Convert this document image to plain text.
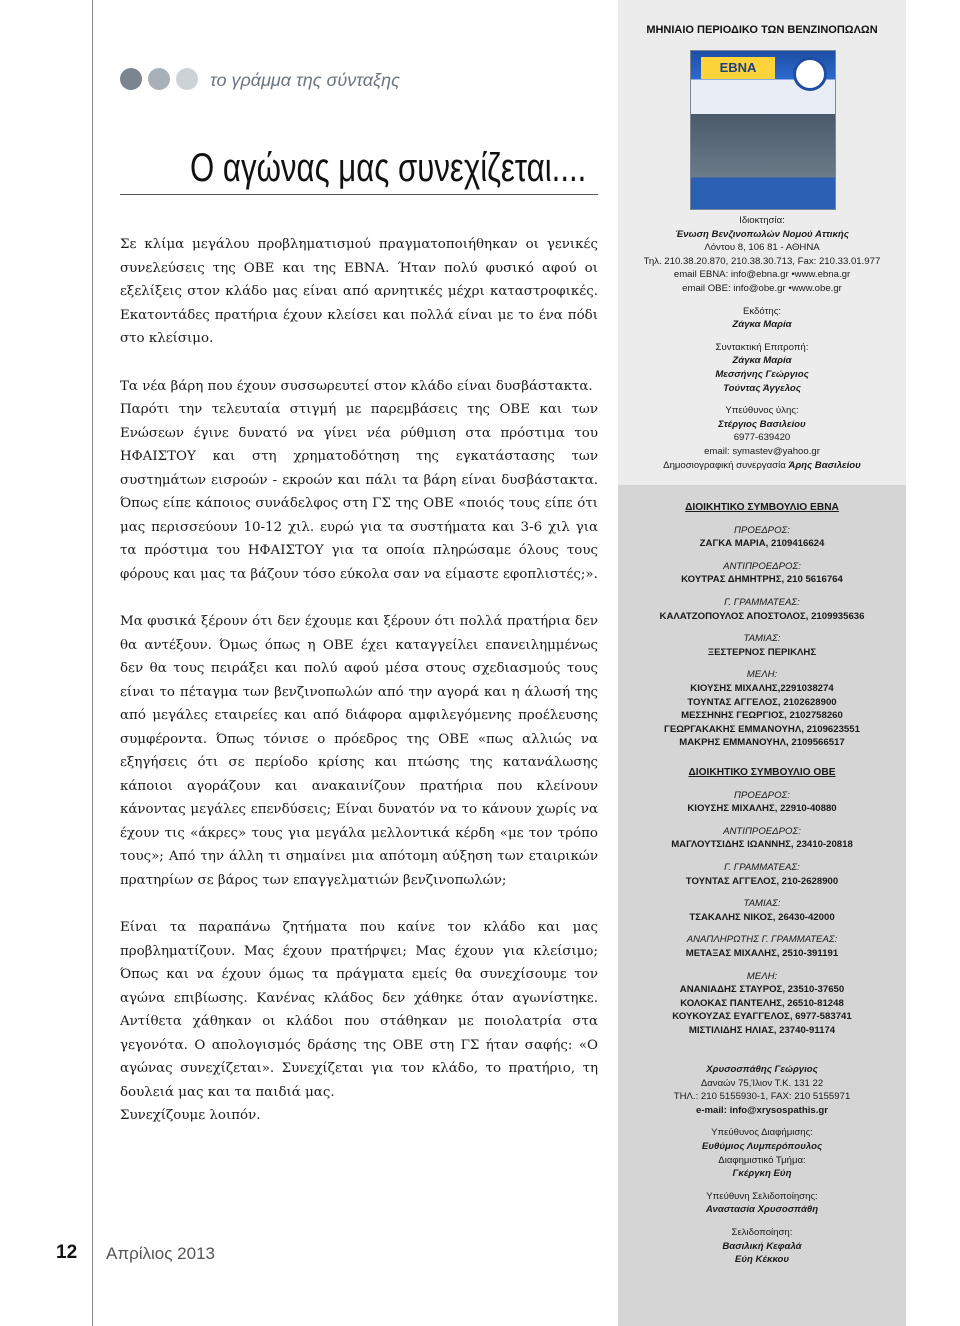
το γράμμα της σύνταξης
Ο αγώνας μας συνεχίζεται....

Σε κλίμα μεγάλου προβληματισμού πραγματοποιήθηκαν οι γενικές συνελεύσεις της ΟΒΕ και της ΕΒΝΑ. Ήταν πολύ φυσικό αφού οι εξελίξεις στον κλάδο μας είναι από αρνητικές μέχρι καταστροφικές. Εκατοντάδες πρατήρια έχουν κλείσει και πολλά είναι με το ένα πόδι στο κλείσιμο.

Τα νέα βάρη που έχουν συσσωρευτεί στον κλάδο είναι δυσβάστακτα.

Παρότι την τελευταία στιγμή με παρεμβάσεις της ΟΒΕ και των Ενώσεων έγινε δυνατό να γίνει νέα ρύθμιση στα πρόστιμα του ΗΦΑΙΣΤΟΥ και στη χρηματοδότηση της εγκατάστασης των συστημάτων εισροών - εκροών και πάλι τα βάρη είναι δυσβάστακτα. Όπως είπε κάποιος συνάδελφος στη ΓΣ της ΟΒΕ «ποιός τους είπε ότι μας περισσεύουν 10-12 χιλ. ευρώ για τα συστήματα και 3-6 χιλ για τα πρόστιμα του ΗΦΑΙΣΤΟΥ για τα οποία πληρώσαμε όλους τους φόρους και μας τα βάζουν τόσο εύκολα σαν να είμαστε εφοπλιστές;».

Μα φυσικά ξέρουν ότι δεν έχουμε και ξέρουν ότι πολλά πρατήρια δεν θα αντέξουν. Όμως όπως η ΟΒΕ έχει καταγγείλει επανειλημμένως δεν θα τους πειράξει και πολύ αφού μέσα στους σχεδιασμούς τους είναι το πέταγμα των βενζινοπωλών από την αγορά και η άλωσή της από μεγάλες εταιρείες και από διάφορα αμφιλεγόμενης προέλευσης συμφέροντα. Όπως τόνισε ο πρόεδρος της ΟΒΕ «πως αλλιώς να εξηγήσεις ότι σε περίοδο κρίσης και πτώσης της κατανάλωσης κάποιοι αγοράζουν και ανακαινίζουν πρατήρια που κλείνουν κάνοντας μεγάλες επενδύσεις; Είναι δυνατόν να το κάνουν χωρίς να έχουν τις «άκρες» τους για μεγάλα μελλοντικά κέρδη «με τον τρόπο τους»; Από την άλλη τι σημαίνει μια απότομη αύξηση των εταιρικών πρατηρίων σε βάρος των επαγγελματιών βενζινοπωλών;

Είναι τα παραπάνω ζητήματα που καίνε τον κλάδο και μας προβληματίζουν. Μας έχουν πρατήρψει; Μας έχουν για κλείσιμο; Όπως και να έχουν όμως τα πράγματα εμείς θα συνεχίσουμε τον αγώνα επιβίωσης. Κανένας κλάδος δεν χάθηκε όταν αγωνίστηκε. Αντίθετα χάθηκαν οι κλάδοι που στάθηκαν με ποιολατρία στα γεγονότα. Ο απολογισμός δράσης της ΟΒΕ στη ΓΣ ήταν σαφής: «Ο αγώνας συνεχίζεται». Συνεχίζεται για τον κλάδο, το πρατήριο, τη δουλειά μας και τα παιδιά μας.

Συνεχίζουμε λοιπόν.

12 Απρίλιος 2013
ΜΗΝΙΑΙΟ ΠΕΡΙΟΔΙΚΟ ΤΩΝ ΒΕΝΖΙΝΟΠΩΛΩΝ
EBNA
Ιδιοκτησία:
Ένωση Βενζινοπωλών Νομού Αττικής
Λόντου 8, 106 81 - ΑΘΗΝΑ
Τηλ. 210.38.20.870, 210.38.30.713, Fax: 210.33.01.977
email EBNA: info@ebna.gr •www.ebna.gr
email OBE: info@obe.gr •www.obe.gr
Εκδότης:
Ζάγκα Μαρία
Συντακτική Επιτροπή:
Ζάγκα Μαρία
Μεσσήνης Γεώργιος
Τούντας Άγγελος
Υπεύθυνος ύλης:
Στέργιος Βασιλείου
6977-639420
email: symastev@yahoo.gr
Δημοσιογραφική συνεργασία Άρης Βασιλείου
ΔΙΟΙΚΗΤΙΚΟ ΣΥΜΒΟΥΛΙΟ ΕΒΝΑ
ΠΡΟΕΔΡΟΣ:
ΖΑΓΚΑ ΜΑΡΙΑ, 2109416624
ΑΝΤΙΠΡΟΕΔΡΟΣ:
ΚΟΥΤΡΑΣ ΔΗΜΗΤΡΗΣ, 210 5616764
Γ. ΓΡΑΜΜΑΤΕΑΣ:
ΚΑΛΑΤΖΟΠΟΥΛΟΣ ΑΠΟΣΤΟΛΟΣ, 2109935636
ΤΑΜΙΑΣ:
ΞΕΣΤΕΡΝΟΣ ΠΕΡΙΚΛΗΣ
ΜΕΛΗ:
ΚΙΟΥΣΗΣ ΜΙΧΑΛΗΣ,2291038274
ΤΟΥΝΤΑΣ ΑΓΓΕΛΟΣ, 2102628900
ΜΕΣΣΗΝΗΣ ΓΕΩΡΓΙΟΣ, 2102758260
ΓΕΩΡΓΑΚΑΚΗΣ ΕΜΜΑΝΟΥΗΛ, 2109623551
ΜΑΚΡΗΣ ΕΜΜΑΝΟΥΗΛ, 2109566517
ΔΙΟΙΚΗΤΙΚΟ ΣΥΜΒΟΥΛΙΟ ΟΒΕ
ΠΡΟΕΔΡΟΣ:
ΚΙΟΥΣΗΣ ΜΙΧΑΛΗΣ, 22910-40880
ΑΝΤΙΠΡΟΕΔΡΟΣ:
ΜΑΓΛΟΥΤΣΙΔΗΣ ΙΩΑΝΝΗΣ, 23410-20818
Γ. ΓΡΑΜΜΑΤΕΑΣ:
ΤΟΥΝΤΑΣ ΑΓΓΕΛΟΣ, 210-2628900
ΤΑΜΙΑΣ:
ΤΣΑΚΑΛΗΣ ΝΙΚΟΣ, 26430-42000
ΑΝΑΠΛΗΡΩΤΗΣ Γ. ΓΡΑΜΜΑΤΕΑΣ:
ΜΕΤΑΞΑΣ ΜΙΧΑΛΗΣ, 2510-391191
ΜΕΛΗ:
ΑΝΑΝΙΑΔΗΣ ΣΤΑΥΡΟΣ, 23510-37650
ΚΟΛΟΚΑΣ ΠΑΝΤΕΛΗΣ, 26510-81248
ΚΟΥΚΟΥΖΑΣ ΕΥΑΓΓΕΛΟΣ, 6977-583741
ΜΙΣΤΙΛΙΔΗΣ ΗΛΙΑΣ, 23740-91174
Χρυσοσπάθης Γεώργιος
Δαναών 75,Ίλιον Τ.Κ. 131 22
ΤΗΛ.: 210 5155930-1, FAX: 210 5155971
e-mail: info@xrysospathis.gr
Υπεύθυνος Διαφήμισης:
Ευθύμιος Λυμπερόπουλος
Διαφημιστικό Τμήμα:
Γκέργκη Εύη
Υπεύθυνη Σελιδοποίησης:
Αναστασία Χρυσοσπάθη
Σελιδοποίηση:
Βασιλική Κεφαλά
Εύη Κέκκου
